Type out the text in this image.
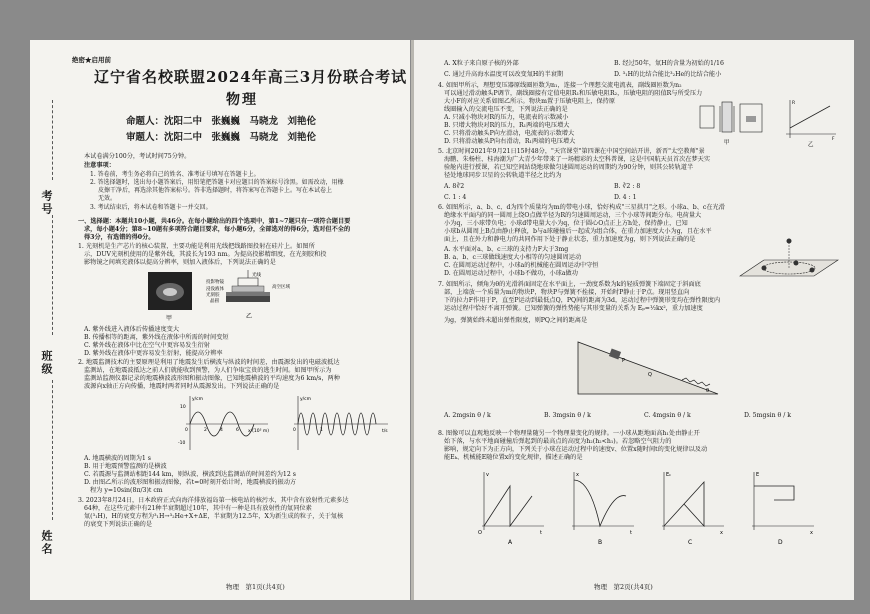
考号
班级
姓名
绝密★启用前
辽宁省名校联盟2024年高三3月份联合考试
物理
命题人：沈阳二中　张巍巍　马晓龙　刘艳伦
审题人：沈阳二中　张巍巍　马晓龙　刘艳伦
本试卷满分100分，考试时间75分钟。
注意事项：
1. 答卷前，考生务必将自己的姓名、准考证号填写在答题卡上。
2. 答选择题时，选出每小题答案后，用铅笔把答题卡对应题目的答案标号涂黑。如需改动，用橡
皮擦干净后，再选涂其他答案标号。答非选择题时，将答案写在答题卡上。写在本试卷上
无效。
3. 考试结束后，将本试卷和答题卡一并交回。
一、选择题：本题共10小题，共46分。在每小题给出的四个选项中，第1~7题只有一项符合题目要
求，每小题4分；第8~10题有多项符合题目要求，每小题6分，全部选对的得6分，选对但不全的
得3分，有选错的得0分。
1. 光刻机是生产芯片的核心装置，主要功能是利用光线把线路图投射在硅片上。如图所
示，DUV光刻机使用的是紫外线，其波长为193 nm。为提高投影精细度，在光刻胶和投
影物镜之间填充液体以提高分辨率，则加入液体后，下列说法正确的是
甲
光线
投影物镜
浸没液体
光刻胶
晶圆
高空区域
乙
A. 紫外线进入液体后传播速度变大
B. 传播相等的距离，紫外线在液体中所需的时间变短
C. 紫外线在液体中比在空气中更容易发生衍射
D. 紫外线在液体中更容易发生衍射，能提高分辨率
2. 地震监测技术的主要原理是利用了地震发生后横波与纵波的时间差，由震源发出的电磁波抵达
监测站，在地震波抵达之前人们就能收到预警，为人们争取宝贵的逃生时间。如图甲所示为
监测站监测仪器记录的地震横波波形图和振动图像，已知地震横波的平均速度为6 km/s，两种
波源向x轴正方向传播，地震时两者同时从震源发出。下列说法正确的是
y/cm
x/(10³ m)
10
-10
0	2	4	6
y/cm
t/s
0	1
A. 地震横波的周期为1 s
B. 用于地震预警监测的是横波
C. 若震源与监测站相距144 km，则纵波、横波到达监测站的时间差约为12 s
D. 由图乙所示的波形图和振动图像，若t=0时刻开始计时，地震横波的振动方
程为 y=10sin(8π/3)t cm
3. 2023年8月24日，日本政府正式向海洋排放福岛第一核电站的核污水，其中含有放射性元素多达
64种，在这些元素中有21种半衰期超过10年，其中有一种是具有放射性的氚同位素
氚(³₁H)，H的衰变方程为³₁H→³₂He+X+ΔE，半衰期为12.5年，X为新生成的粒子，关于氚核
的衰变下列说法正确的是
物理　第1页(共4页)
A. X粒子来自原子核的外部	B. 经过50年，氚H的含量为初始的1/16
C. 通过升高海水温度可以改变氚H的半衰期	D. ³₁H的比结合能比³₂He的比结合能小
4. 如图甲所示，理想变压器原线圈匝数为n₁，连接一个理想交流电流表，副线圈匝数为n₂
可以通过滑动触头P调节，副线圈接有定值电阻R₁和压敏电阻R₂，压敏电阻的阻值R与所受压力
大小F的对应关系如图乙所示。物块m置于压敏电阻上，保持原
线圈输入的交流电压不变，下列说法正确的是
A. 只减小物块对R的压力，电流表的示数减小
B. 只增大物块对R的压力，R₁两端的电压增大
C. 只将滑动触头P向左滑动，电流表的示数增大
D. 只将滑动触头P向右滑动，R₁两端的电压增大	甲
R
F
乙
5. 北京时间2021年9月21日15时48分，"天宫课堂"第四课在中国空间站开讲，新晋"太空教师"景
海鹏、朱杨柱、桂海潮为广大青少年带来了一场精彩的太空科普课，这是中国航天员首次在梦天实
验舱内进行授课，若已知空间站绕地球做匀速圆周运动的周期约为90分钟，则其公转轨道半
径处地球同步卫星的公转轨道半径之比约为
A. 8∛2	B. ∛2 : 8
C. 1 : 4	D. 4 : 1
6. 如图所示，a、b、c、d为四个质量均为m的带电小球，恰好构成"三星拱月"之形。小球a、b、c在光滑
绝缘水平面内的同一圆周上绕O点做半径为R的匀速圆周运动，三个小球等间距分布。电荷量大
小为q，三小球带负电；小球d带电量大小为q，位于圆心O点正上方h处，保持静止，已知
小球b从圆周上B点由静止释放，b与a球碰撞后一起成为组合体，在重力加速度大小为g，且在水平
面上，且在外力和静电力的共同作用下处于静止状态，重力加速度为g，则下列说法正确的是
A. 水平面对a、b、c三球的支持力F大于3mg
B. a、b、c三球做线速度大小相等的匀速圆周运动
C. 在圆周运动过程中，小球a的机械能在圆周运动中守恒
D. 在圆周运动过程中，小球b不做功，小球a做功
7. 如图所示，倾角为θ的光滑斜面固定在水平面上，一劲度系数为k的轻质弹簧下端固定于斜面底
部，上端放一个质量为m的物块P，物块P与弹簧不拴接，开始时P静止于P点。现用竖直向
下的拉力F作用于P，直至P运动到最低点Q，PQ间的距离为3d，运动过程中弹簧形变均在弹性限度内
运动过程中恰好不离开弹簧。已知弹簧的弹性势能与其形变量的关系为 Eₚ=½kx²，重力加速度
为g，弹簧始终未超出弹性限度，则PQ之间的距离是
P
Q
θ
A. 2mgsin θ / k	B. 3mgsin θ / k	C. 4mgsin θ / k	D. 5mgsin θ / k
8. 图像可以直观地反映一个物理量随另一个物理量变化的规律。一小球从距地面高h₁处由静止开
始下落，与水平地面碰撞后弹起到的最高点的高度为h₂(h₂<h₁)。若忽略空气阻力的
影响，规定向下为正方向，下列关于小球在运动过程中的速度v、位置x随时间t的变化规律以及动
能Eₖ、机械能E随位置x的变化规律，描述正确的是
v
t
O
A
x
t
B
Eₖ
x
C
E
x
D
物理　第2页(共4页)
